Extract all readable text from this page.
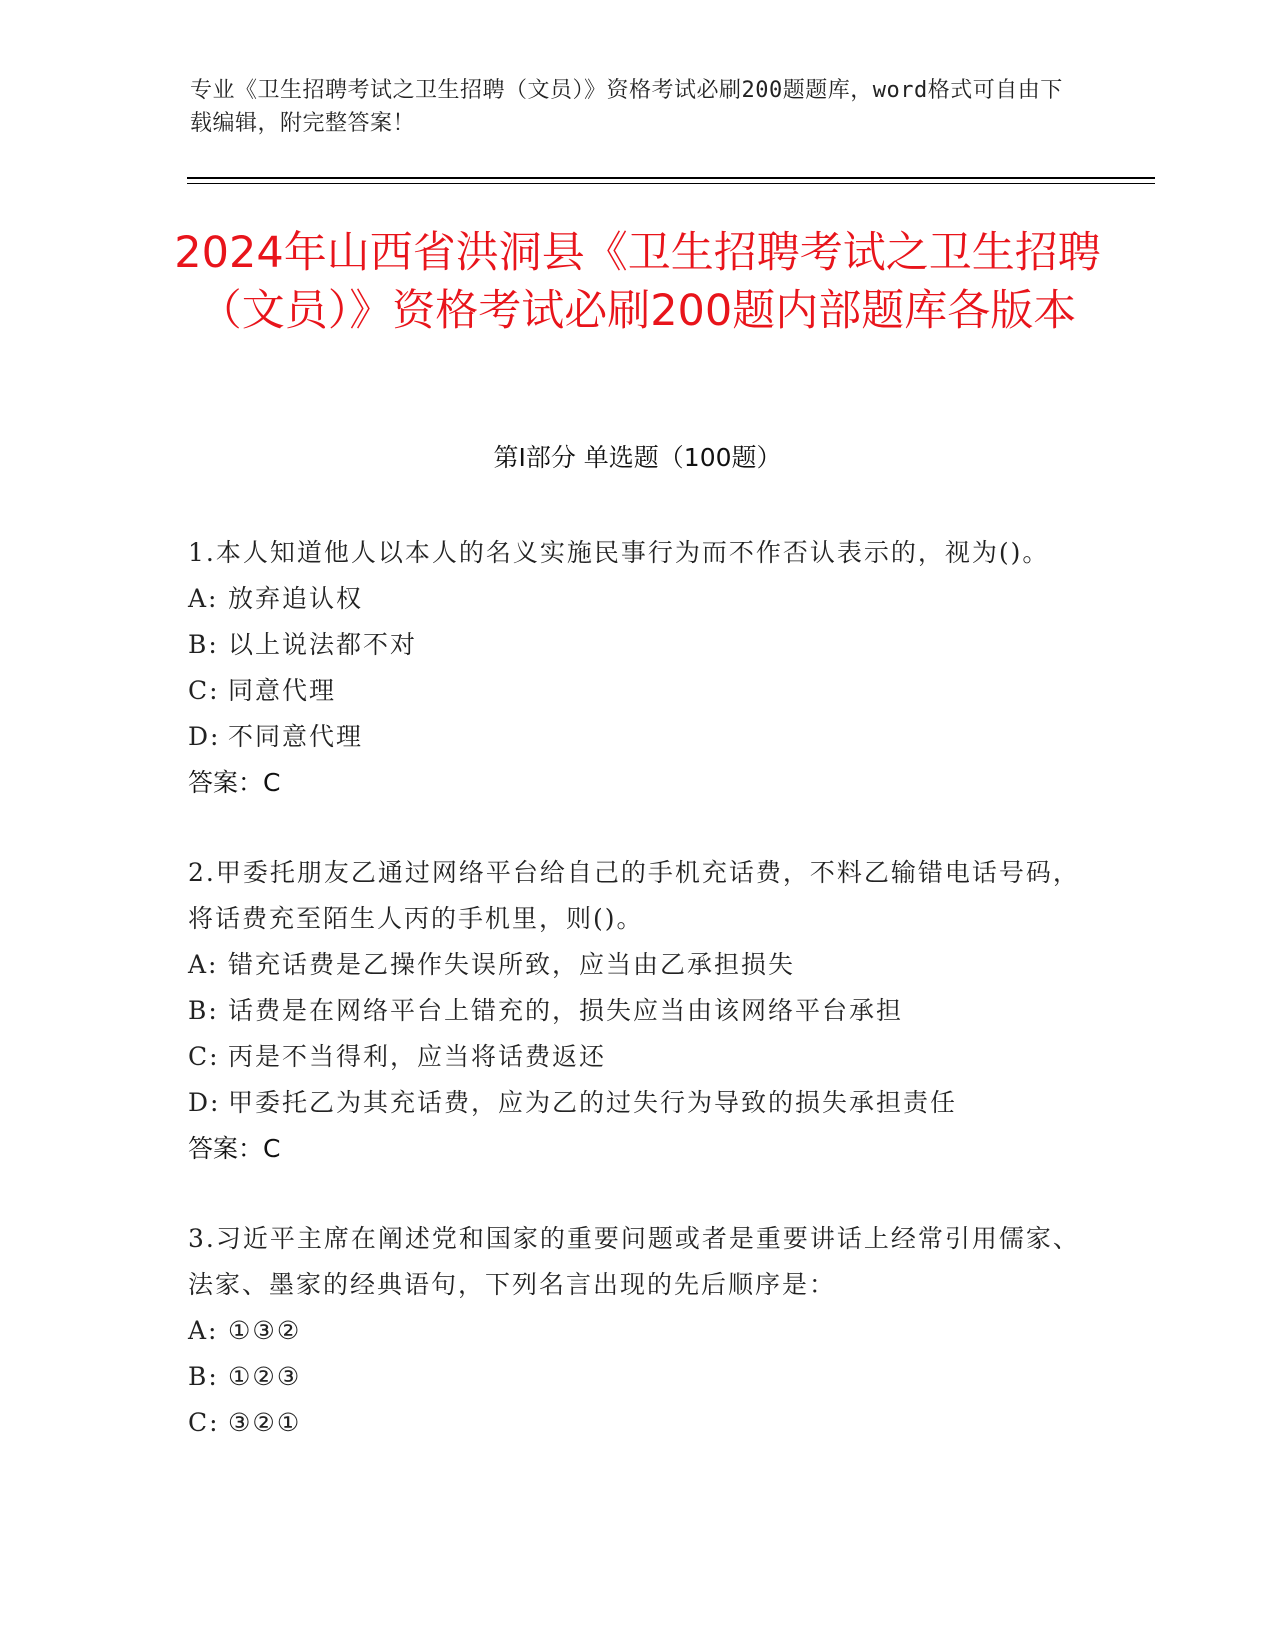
专业《卫生招聘考试之卫生招聘（文员）》资格考试必刷200题题库，word格式可自由下载编辑，附完整答案！
2024年山西省洪洞县《卫生招聘考试之卫生招聘（文员）》资格考试必刷200题内部题库各版本
第I部分 单选题（100题）
1.本人知道他人以本人的名义实施民事行为而不作否认表示的，视为()。
A: 放弃追认权
B: 以上说法都不对
C: 同意代理
D: 不同意代理
答案：C
2.甲委托朋友乙通过网络平台给自己的手机充话费，不料乙输错电话号码，将话费充至陌生人丙的手机里，则()。
A: 错充话费是乙操作失误所致，应当由乙承担损失
B: 话费是在网络平台上错充的，损失应当由该网络平台承担
C: 丙是不当得利，应当将话费返还
D: 甲委托乙为其充话费，应为乙的过失行为导致的损失承担责任
答案：C
3.习近平主席在阐述党和国家的重要问题或者是重要讲话上经常引用儒家、法家、墨家的经典语句，下列名言出现的先后顺序是：
A: ①③②
B: ①②③
C: ③②①
